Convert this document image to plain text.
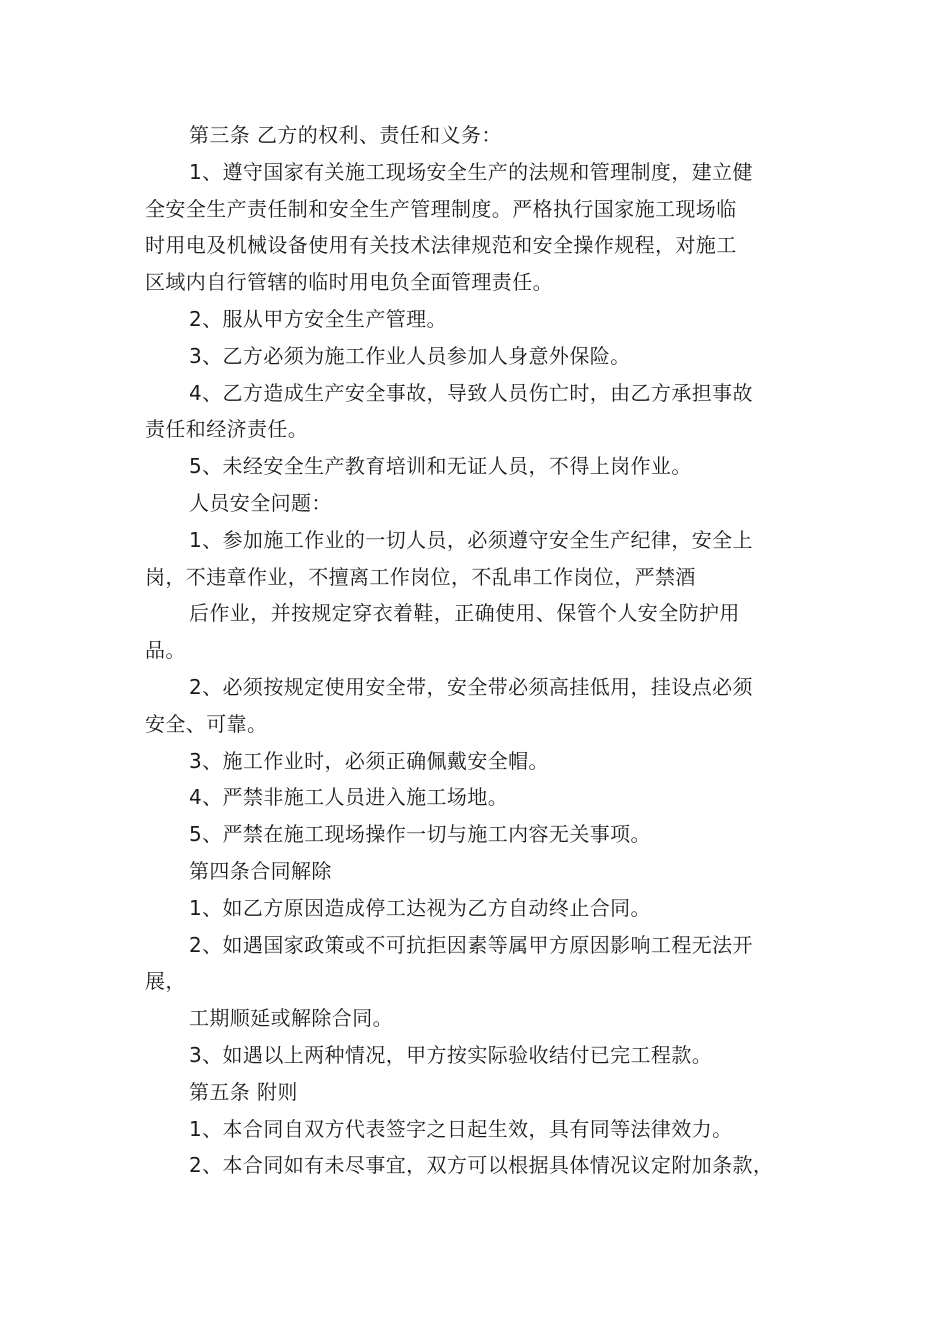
第三条 乙方的权利、责任和义务：
1、遵守国家有关施工现场安全生产的法规和管理制度，建立健
全安全生产责任制和安全生产管理制度。严格执行国家施工现场临
时用电及机械设备使用有关技术法律规范和安全操作规程，对施工
区域内自行管辖的临时用电负全面管理责任。
2、服从甲方安全生产管理。
3、乙方必须为施工作业人员参加人身意外保险。
4、乙方造成生产安全事故，导致人员伤亡时，由乙方承担事故
责任和经济责任。
5、未经安全生产教育培训和无证人员，不得上岗作业。
人员安全问题：
1、参加施工作业的一切人员，必须遵守安全生产纪律，安全上
岗，不违章作业，不擅离工作岗位，不乱串工作岗位，严禁酒
后作业，并按规定穿衣着鞋，正确使用、保管个人安全防护用
品。
2、必须按规定使用安全带，安全带必须高挂低用，挂设点必须
安全、可靠。
3、施工作业时，必须正确佩戴安全帽。
4、严禁非施工人员进入施工场地。
5、严禁在施工现场操作一切与施工内容无关事项。
第四条合同解除
1、如乙方原因造成停工达视为乙方自动终止合同。
2、如遇国家政策或不可抗拒因素等属甲方原因影响工程无法开
展，
工期顺延或解除合同。
3、如遇以上两种情况，甲方按实际验收结付已完工程款。
第五条 附则
1、本合同自双方代表签字之日起生效，具有同等法律效力。
2、本合同如有未尽事宜，双方可以根据具体情况议定附加条款，
